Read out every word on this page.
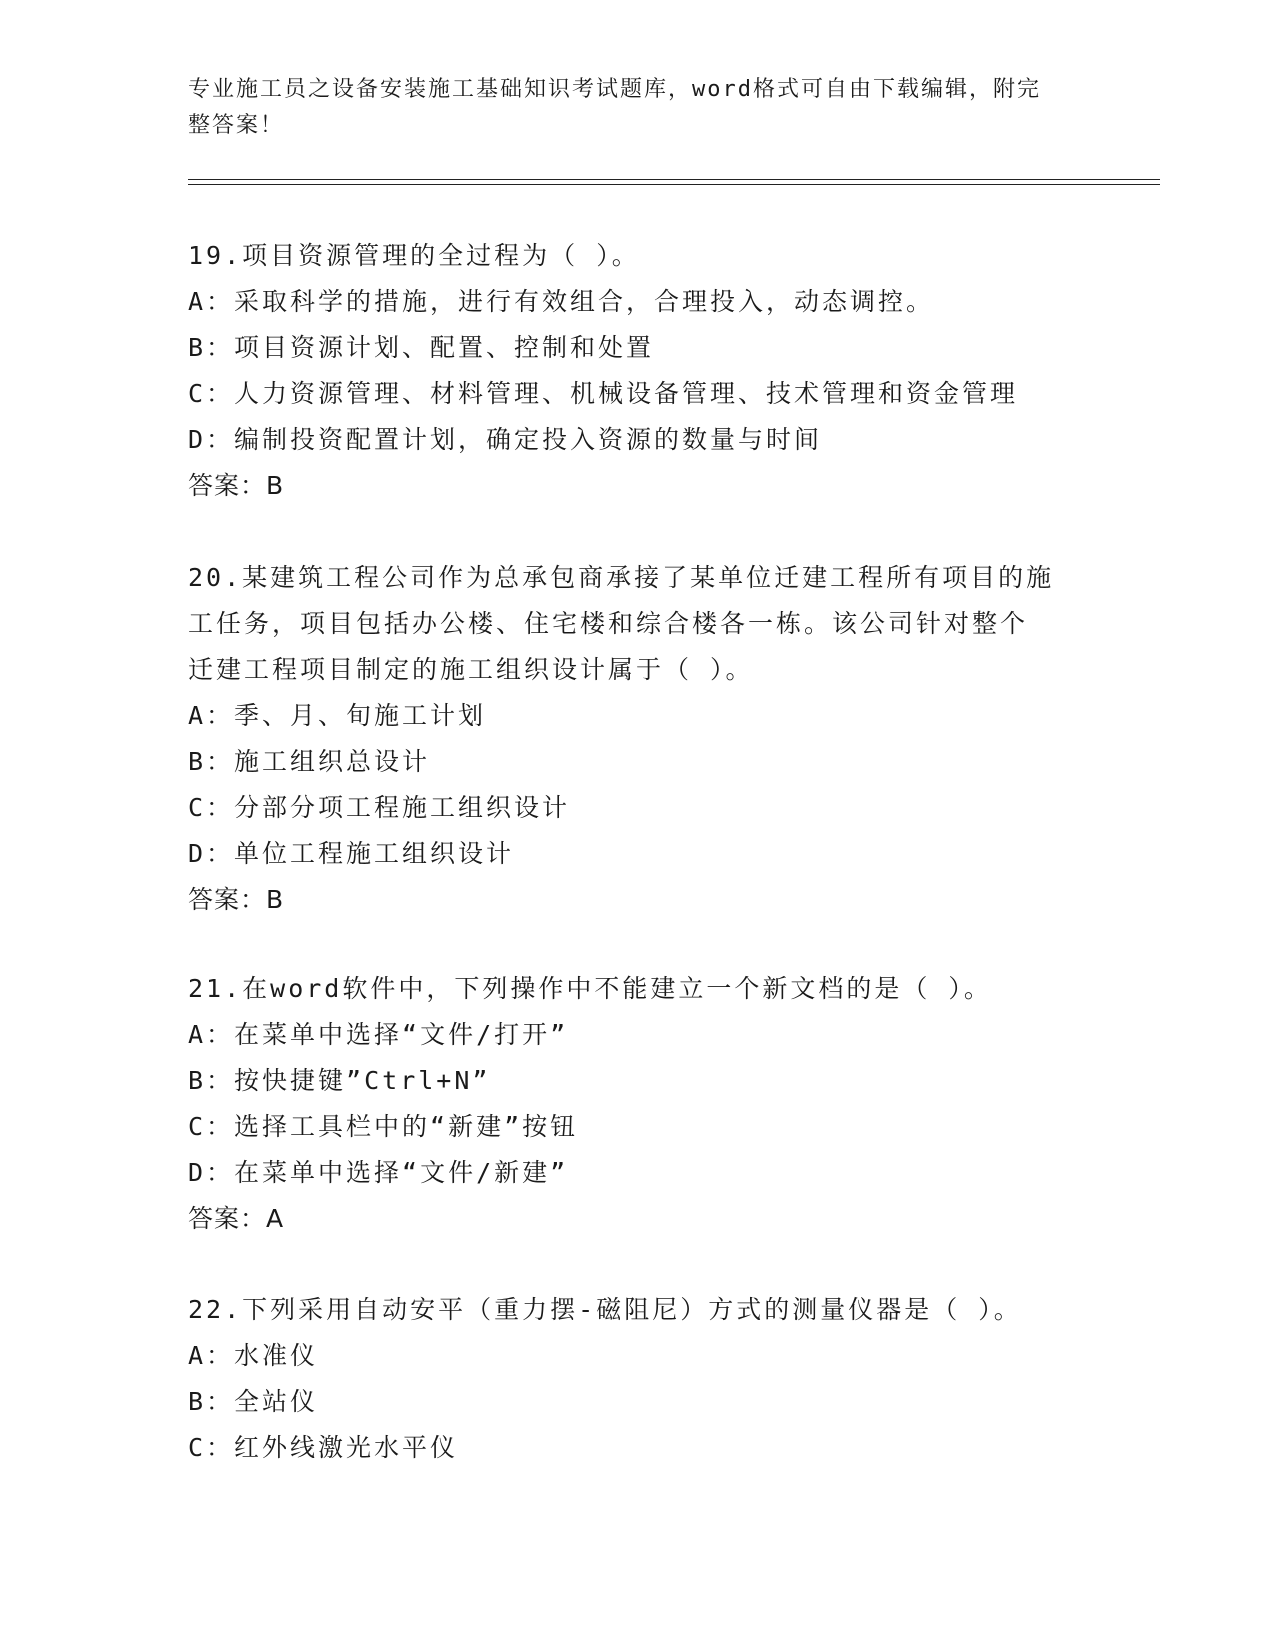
专业施工员之设备安装施工基础知识考试题库，word格式可自由下载编辑，附完
整答案！
19.项目资源管理的全过程为（ ）。
A：采取科学的措施，进行有效组合，合理投入，动态调控。
B：项目资源计划、配置、控制和处置
C：人力资源管理、材料管理、机械设备管理、技术管理和资金管理
D：编制投资配置计划，确定投入资源的数量与时间
答案：B
20.某建筑工程公司作为总承包商承接了某单位迁建工程所有项目的施
工任务，项目包括办公楼、住宅楼和综合楼各一栋。该公司针对整个
迁建工程项目制定的施工组织设计属于（ ）。
A：季、月、旬施工计划
B：施工组织总设计
C：分部分项工程施工组织设计
D：单位工程施工组织设计
答案：B
21.在word软件中，下列操作中不能建立一个新文档的是（ ）。
A：在菜单中选择“文件/打开”
B：按快捷键”Ctrl+N”
C：选择工具栏中的“新建”按钮
D：在菜单中选择“文件/新建”
答案：A
22.下列采用自动安平（重力摆-磁阻尼）方式的测量仪器是（ ）。
A：水准仪
B：全站仪
C：红外线激光水平仪
